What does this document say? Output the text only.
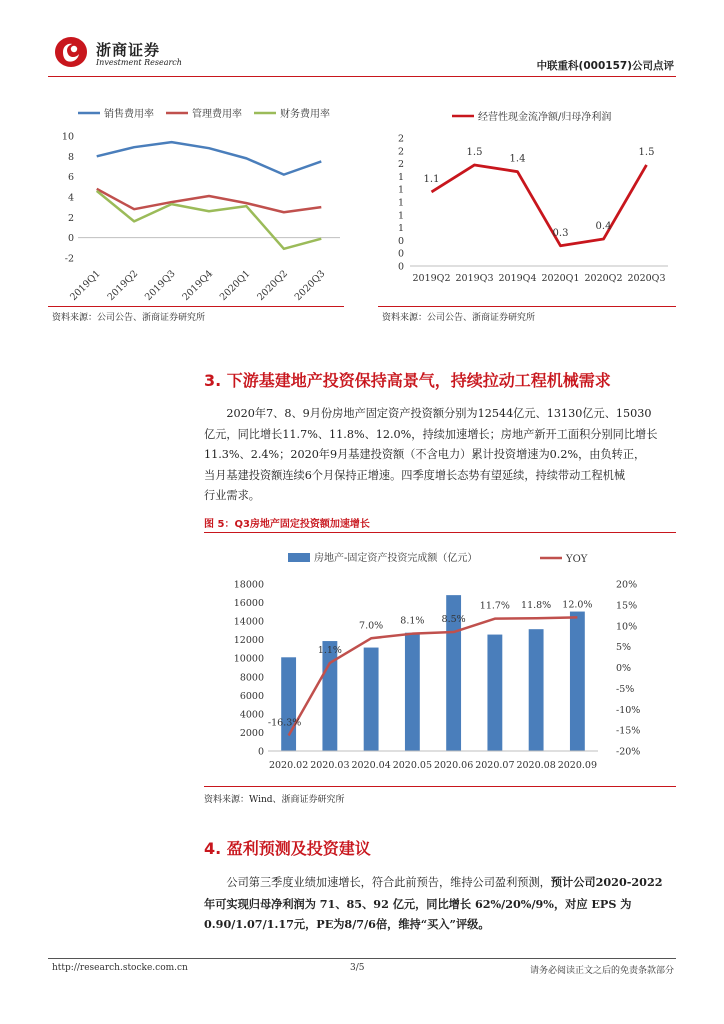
浙商证券
Investment Research	中联重科(000157)公司点评
销售费用率	管理费用率	财务费用率
10
8
6
4
2
0
-2
2019Q1 2019Q2 2019Q3 2019Q4 2020Q1 2020Q2 2020Q3
资料来源：公司公告、浙商证券研究所
经营性现金流净额/归母净利润
2
2
2
1
1
1
1
1
0
0
0
2019Q2 2019Q3 2019Q4 2020Q1 2020Q2 2020Q3
1.1
1.5
1.4
0.3
0.4
1.5
资料来源：公司公告、浙商证券研究所
3. 下游基建地产投资保持高景气，持续拉动工程机械需求
2020年7、8、9月份房地产固定资产投资额分别为12544亿元、13130亿元、15030
亿元，同比增长11.7%、11.8%、12.0%，持续加速增长；房地产新开工面积分别同比增长
11.3%、2.4%；2020年9月基建投资额（不含电力）累计投资增速为0.2%，由负转正，
当月基建投资额连续6个月保持正增速。四季度增长态势有望延续，持续带动工程机械
行业需求。
图 5：Q3房地产固定投资额加速增长
房地产-固定资产投资完成额（亿元）	YOY
18000
16000
14000
12000
10000
8000
6000
4000
2000
0
20%
15%
10%
5%
0%
-5%
-10%
-15%
-20%
2020.02 2020.03 2020.04 2020.05 2020.06 2020.07 2020.08 2020.09
-16.3%
1.1%
7.0% 8.1% 8.5%
11.7% 11.8% 12.0%
资料来源：Wind、浙商证券研究所
4. 盈利预测及投资建议
公司第三季度业绩加速增长，符合此前预告，维持公司盈利预测，预计公司2020-2022
年可实现归母净利润为 71、85、92 亿元，同比增长 62%/20%/9%，对应 EPS 为
0.90/1.07/1.17元，PE为8/7/6倍，维持“买入”评级。
http://research.stocke.com.cn	3/5	请务必阅读正文之后的免责条款部分
